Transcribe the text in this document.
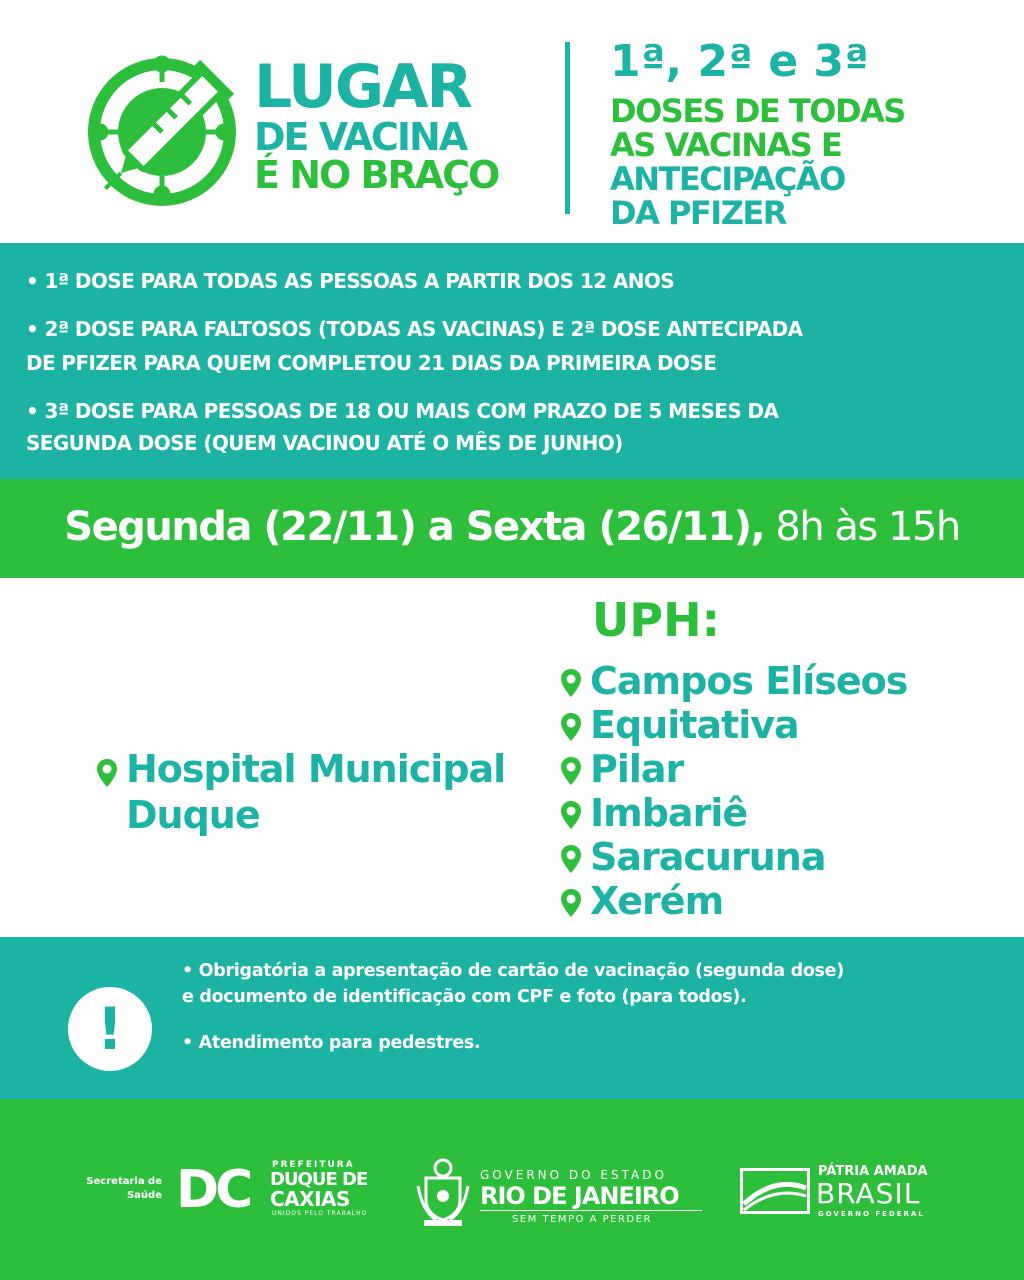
LUGAR
DE VACINA
É NO BRAÇO
1ª, 2ª e 3ª
DOSES DE TODAS
AS VACINAS E
ANTECIPAÇÃO
DA PFIZER
• 1ª DOSE PARA TODAS AS PESSOAS A PARTIR DOS 12 ANOS
• 2ª DOSE PARA FALTOSOS (TODAS AS VACINAS) E 2ª DOSE ANTECIPADA
DE PFIZER PARA QUEM COMPLETOU 21 DIAS DA PRIMEIRA DOSE
• 3ª DOSE PARA PESSOAS DE 18 OU MAIS COM PRAZO DE 5 MESES DA
SEGUNDA DOSE (QUEM VACINOU ATÉ O MÊS DE JUNHO)
Segunda (22/11) a Sexta (26/11), 8h às 15h
Hospital Municipal
Duque
UPH:
Campos Elíseos
Equitativa
Pilar
Imbariê
Saracuruna
Xerém
!
• Obrigatória a apresentação de cartão de vacinação (segunda dose)
e documento de identificação com CPF e foto (para todos).
• Atendimento para pedestres.
Secretaria de
Saúde DC	PREFEITURA
DUQUE DE
CAXIAS
UNIDOS PELO TRABALHO
GOVERNO DO ESTADO
RIO DE JANEIRO
SEM TEMPO A PERDER
PÁTRIA AMADA
BRASIL
GOVERNO FEDERAL
